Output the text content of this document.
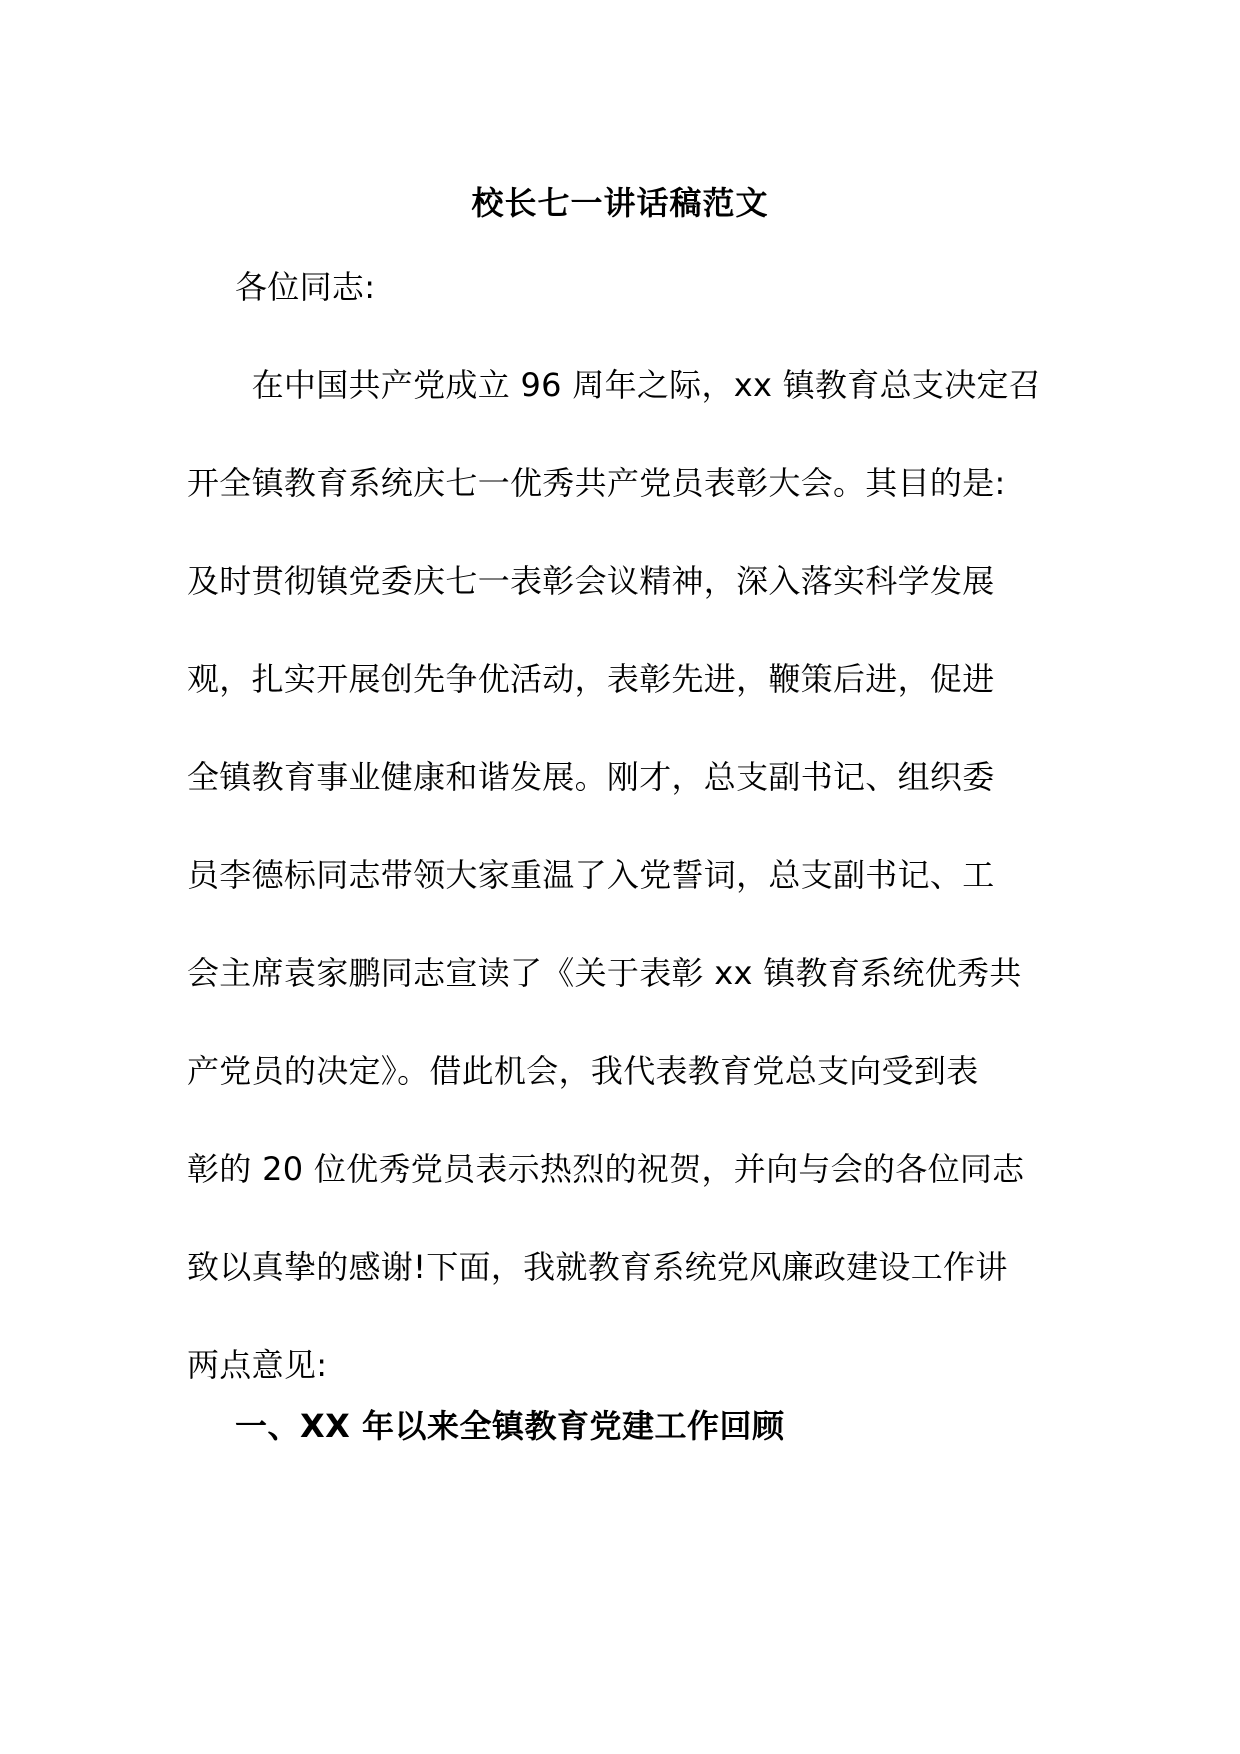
校长七一讲话稿范文
各位同志:
　　在中国共产党成立 96 周年之际，xx 镇教育总支决定召
开全镇教育系统庆七一优秀共产党员表彰大会。其目的是:
及时贯彻镇党委庆七一表彰会议精神，深入落实科学发展
观，扎实开展创先争优活动，表彰先进，鞭策后进，促进
全镇教育事业健康和谐发展。刚才，总支副书记、组织委
员李德标同志带领大家重温了入党誓词，总支副书记、工
会主席袁家鹏同志宣读了《关于表彰 xx 镇教育系统优秀共
产党员的决定》。借此机会，我代表教育党总支向受到表
彰的 20 位优秀党员表示热烈的祝贺，并向与会的各位同志
致以真挚的感谢!下面，我就教育系统党风廉政建设工作讲
两点意见:
一、XX 年以来全镇教育党建工作回顾
